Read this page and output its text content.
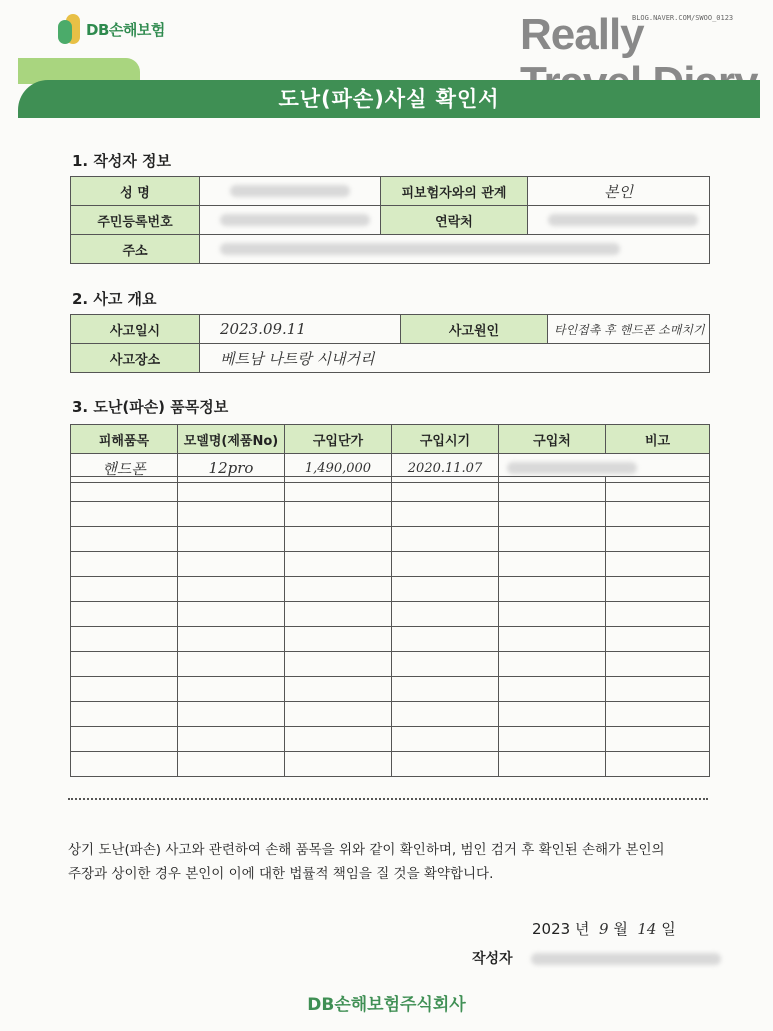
DB손해보험
BLOG.NAVER.COM/SWOO_0123
Really
도난(파손)사실 확인서
1. 작성자 정보
성 명		피보험자와의 관계	본인
주민등록번호		연락처	
주소			
2. 사고 개요
사고일시	2023.09.11	사고원인	타인접촉 후 핸드폰 소매치기
사고장소	베트남 나트랑 시내거리		
3. 도난(파손) 품목정보
피해품목	모델명(제품No)	구입단가	구입시기	구입처	비고
핸드폰	12pro	1,490,000	2020.11.07		

상기 도난(파손) 사고와 관련하여 손해 품목을 위와 같이 확인하며, 범인 검거 후 확인된 손해가 본인의
주장과 상이한 경우 본인이 이에 대한 법률적 책임을 질 것을 확약합니다.
2023 년 9 월 14 일
작성자
DB손해보험주식회사
